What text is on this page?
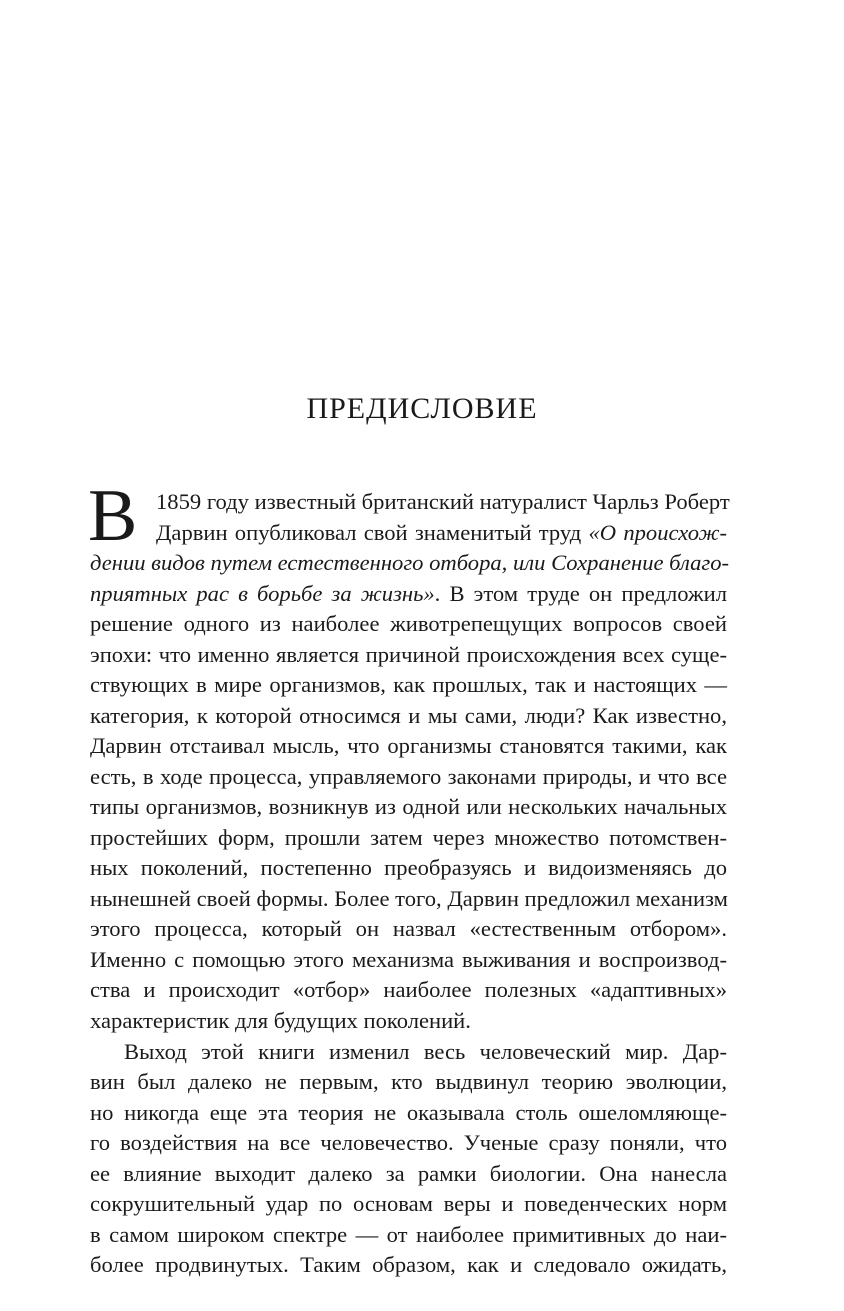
ПРЕДИСЛОВИЕ
В 1859 году известный британский натуралист Чарльз Роберт
Дарвин опубликовал свой знаменитый труд «О происхож-
дении видов путем естественного отбора, или Сохранение благо-
приятных рас в борьбе за жизнь». В этом труде он предложил
решение одного из наиболее животрепещущих вопросов своей
эпохи: что именно является причиной происхождения всех суще-
ствующих в мире организмов, как прошлых, так и настоящих —
категория, к которой относимся и мы сами, люди? Как известно,
Дарвин отстаивал мысль, что организмы становятся такими, как
есть, в ходе процесса, управляемого законами природы, и что все
типы организмов, возникнув из одной или нескольких начальных
простейших форм, прошли затем через множество потомствен-
ных поколений, постепенно преобразуясь и видоизменяясь до
нынешней своей формы. Более того, Дарвин предложил механизм
этого процесса, который он назвал «естественным отбором».
Именно с помощью этого механизма выживания и воспроизвод-
ства и происходит «отбор» наиболее полезных «адаптивных»
характеристик для будущих поколений.
Выход этой книги изменил весь человеческий мир. Дар-
вин был далеко не первым, кто выдвинул теорию эволюции,
но никогда еще эта теория не оказывала столь ошеломляюще-
го воздействия на все человечество. Ученые сразу поняли, что
ее влияние выходит далеко за рамки биологии. Она нанесла
сокрушительный удар по основам веры и поведенческих норм
в самом широком спектре — от наиболее примитивных до наи-
более продвинутых. Таким образом, как и следовало ожидать,
